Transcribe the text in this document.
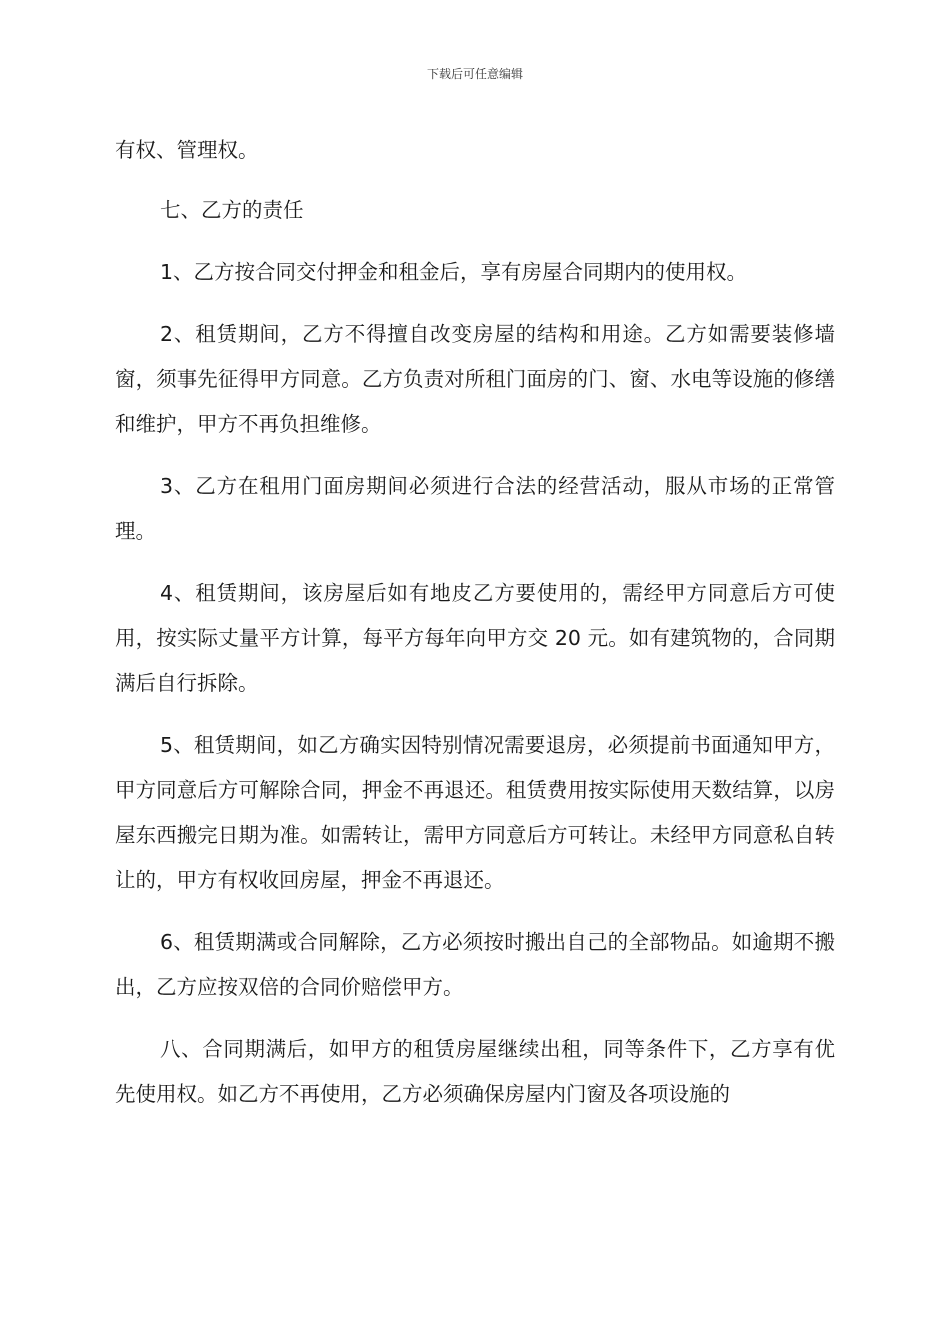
下载后可任意编辑

有权、管理权。

七、乙方的责任

1、乙方按合同交付押金和租金后，享有房屋合同期内的使用权。

2、租赁期间，乙方不得擅自改变房屋的结构和用途。乙方如需要装修墙窗，须事先征得甲方同意。乙方负责对所租门面房的门、窗、水电等设施的修缮和维护，甲方不再负担维修。

3、乙方在租用门面房期间必须进行合法的经营活动，服从市场的正常管理。

4、租赁期间，该房屋后如有地皮乙方要使用的，需经甲方同意后方可使用，按实际丈量平方计算，每平方每年向甲方交 20 元。如有建筑物的，合同期满后自行拆除。

5、租赁期间，如乙方确实因特别情况需要退房，必须提前书面通知甲方，甲方同意后方可解除合同，押金不再退还。租赁费用按实际使用天数结算，以房屋东西搬完日期为准。如需转让，需甲方同意后方可转让。未经甲方同意私自转让的，甲方有权收回房屋，押金不再退还。

6、租赁期满或合同解除，乙方必须按时搬出自己的全部物品。如逾期不搬出，乙方应按双倍的合同价赔偿甲方。

八、合同期满后，如甲方的租赁房屋继续出租，同等条件下，乙方享有优先使用权。如乙方不再使用，乙方必须确保房屋内门窗及各项设施的
